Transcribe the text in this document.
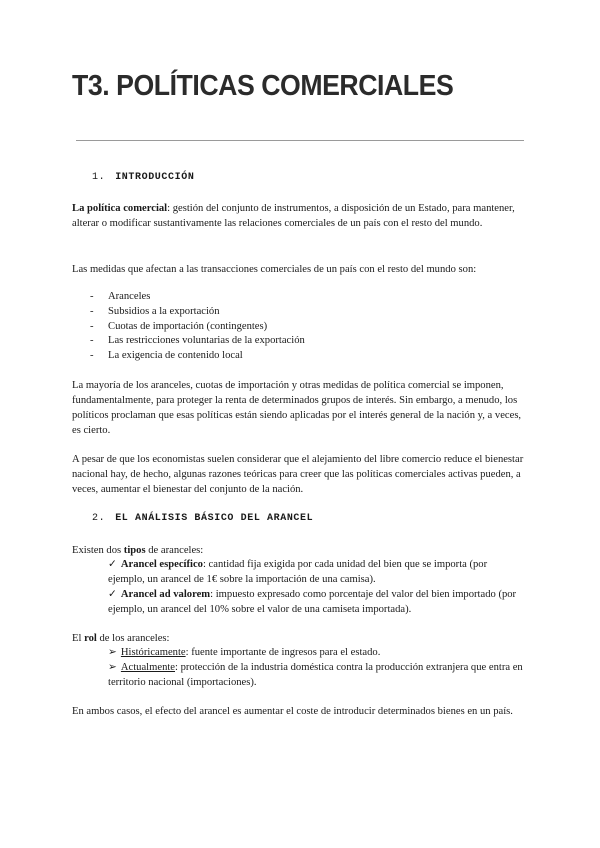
T3. POLÍTICAS COMERCIALES
1. INTRODUCCIÓN
La política comercial: gestión del conjunto de instrumentos, a disposición de un Estado, para mantener, alterar o modificar sustantivamente las relaciones comerciales de un país con el resto del mundo.
Las medidas que afectan a las transacciones comerciales de un país con el resto del mundo son:
- Aranceles
- Subsidios a la exportación
- Cuotas de importación (contingentes)
- Las restricciones voluntarias de la exportación
- La exigencia de contenido local
La mayoría de los aranceles, cuotas de importación y otras medidas de política comercial se imponen, fundamentalmente, para proteger la renta de determinados grupos de interés. Sin embargo, a menudo, los políticos proclaman que esas políticas están siendo aplicadas por el interés general de la nación y, a veces, es cierto.
A pesar de que los economistas suelen considerar que el alejamiento del libre comercio reduce el bienestar nacional hay, de hecho, algunas razones teóricas para creer que las políticas comerciales activas pueden, a veces, aumentar el bienestar del conjunto de la nación.
2. EL ANÁLISIS BÁSICO DEL ARANCEL
Existen dos tipos de aranceles:
✓ Arancel específico: cantidad fija exigida por cada unidad del bien que se importa (por ejemplo, un arancel de 1€ sobre la importación de una camisa).
✓ Arancel ad valorem: impuesto expresado como porcentaje del valor del bien importado (por ejemplo, un arancel del 10% sobre el valor de una camiseta importada).
El rol de los aranceles:
➢ Históricamente: fuente importante de ingresos para el estado.
➢ Actualmente: protección de la industria doméstica contra la producción extranjera que entra en territorio nacional (importaciones).
En ambos casos, el efecto del arancel es aumentar el coste de introducir determinados bienes en un país.
